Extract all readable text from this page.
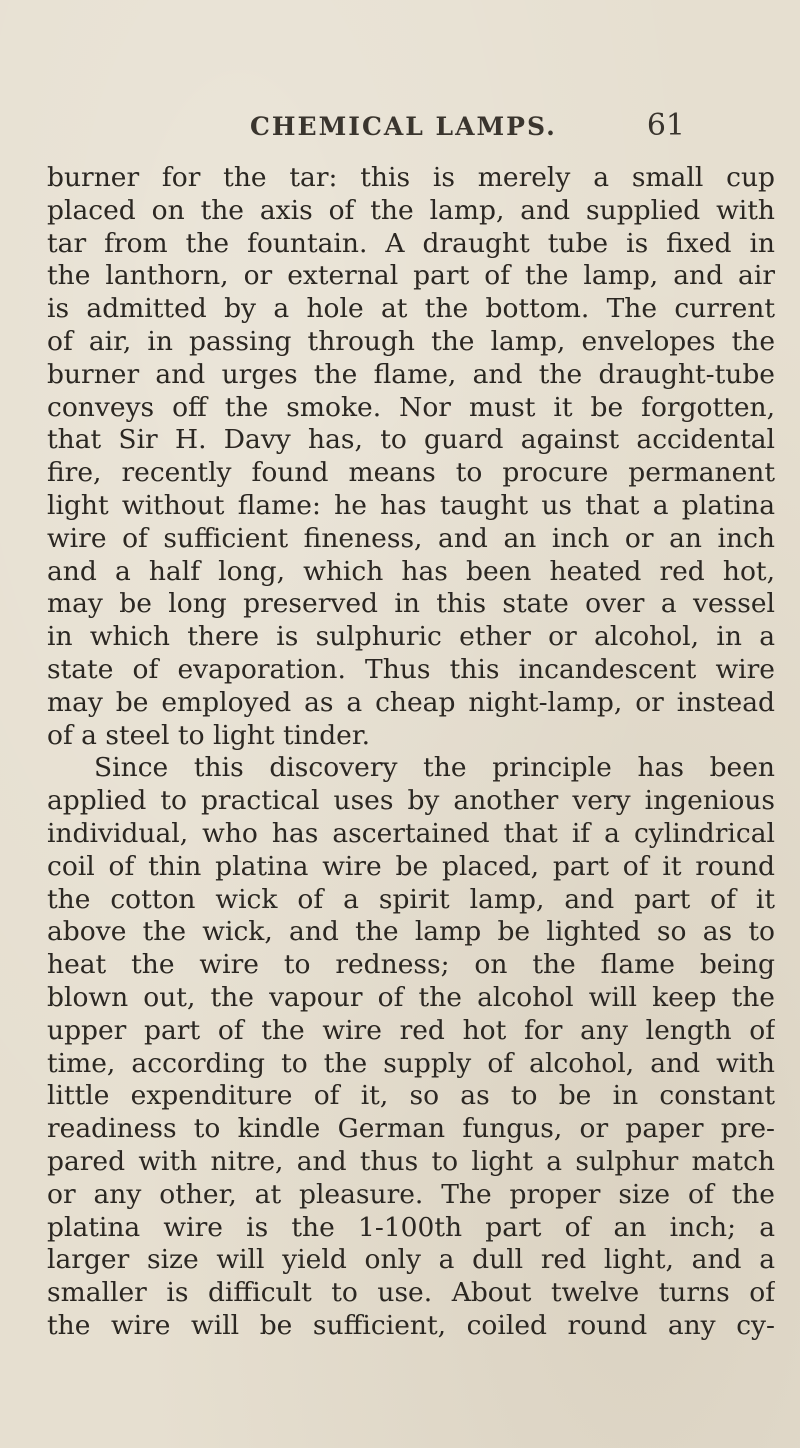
CHEMICAL LAMPS.	61
burner for the tar: this is merely a small cup
placed on the axis of the lamp, and supplied with
tar from the fountain. A draught tube is fixed in
the lanthorn, or external part of the lamp, and air
is admitted by a hole at the bottom. The current
of air, in passing through the lamp, envelopes the
burner and urges the flame, and the draught-tube
conveys off the smoke. Nor must it be forgotten,
that Sir H. Davy has, to guard against accidental
fire, recently found means to procure permanent
light without flame: he has taught us that a platina
wire of sufficient fineness, and an inch or an inch
and a half long, which has been heated red hot,
may be long preserved in this state over a vessel
in which there is sulphuric ether or alcohol, in a
state of evaporation. Thus this incandescent wire
may be employed as a cheap night-lamp, or instead
of a steel to light tinder.
Since this discovery the principle has been
applied to practical uses by another very ingenious
individual, who has ascertained that if a cylindrical
coil of thin platina wire be placed, part of it round
the cotton wick of a spirit lamp, and part of it
above the wick, and the lamp be lighted so as to
heat the wire to redness; on the flame being
blown out, the vapour of the alcohol will keep the
upper part of the wire red hot for any length of
time, according to the supply of alcohol, and with
little expenditure of it, so as to be in constant
readiness to kindle German fungus, or paper pre-
pared with nitre, and thus to light a sulphur match
or any other, at pleasure. The proper size of the
platina wire is the 1-100th part of an inch; a
larger size will yield only a dull red light, and a
smaller is difficult to use. About twelve turns of
the wire will be sufficient, coiled round any cy-
